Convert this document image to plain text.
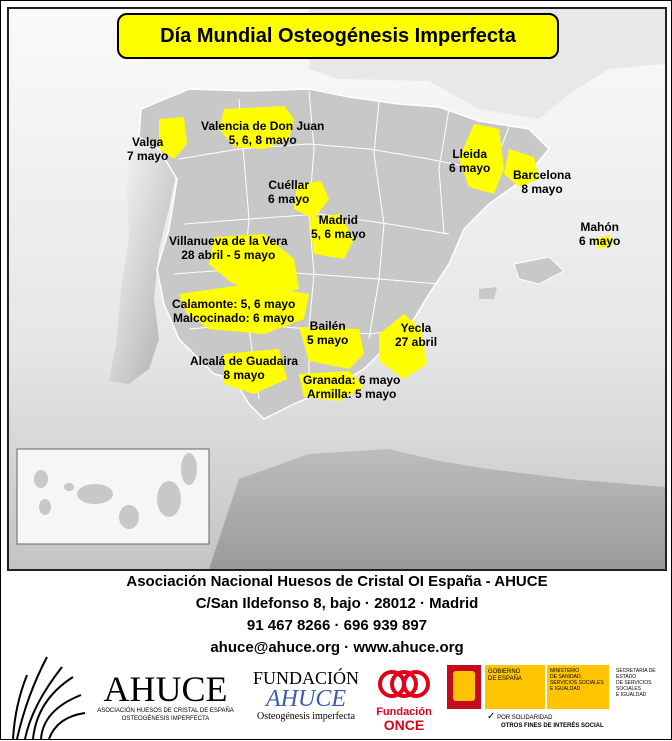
Día Mundial Osteogénesis Imperfecta
Valga
7 mayo
Valencia de Don Juan
5, 6, 8 mayo
Lleida
6 mayo Barcelona
8 mayo
Cuéllar
6 mayo
Madrid
5, 6 mayo	Mahón
6 mayo
Villanueva de la Vera
28 abril - 5 mayo
Calamonte: 5, 6 mayo
Malcocinado: 6 mayo
Bailén
5 mayo
Yecla
27 abril
Alcalá de Guadaira
8 mayo	Granada: 6 mayo
Armilla: 5 mayo
Asociación Nacional Huesos de Cristal OI España - AHUCE
C/San Ildefonso 8, bajo · 28012 · Madrid
91 467 8266 · 696 939 897
ahuce@ahuce.org · www.ahuce.org
AHUCE
ASOCIACIÓN HUESOS DE CRISTAL DE ESPAÑA
OSTEOGÉNESIS IMPERFECTA
FUNDACIÓN
AHUCE
Osteogénesis imperfecta	Fundación
ONCE
GOBIERNO
DE ESPAÑA
MINISTERIO
DE SANIDAD, SERVICIOS SOCIALES
E IGUALDAD
SECRETARÍA DE ESTADO
DE SERVICIOS SOCIALES
E IGUALDAD
✓ POR SOLIDARIDAD
OTROS FINES DE INTERÉS SOCIAL
